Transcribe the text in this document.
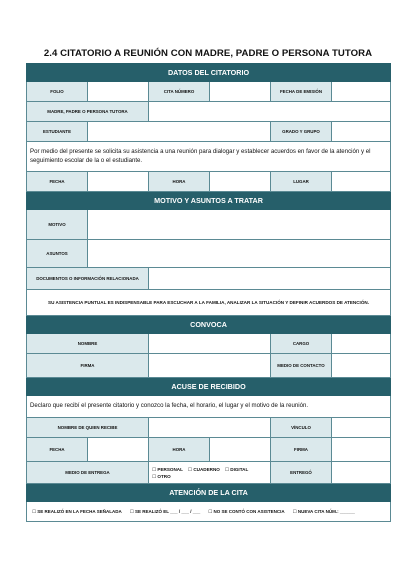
2.4 CITATORIO A REUNIÓN CON MADRE, PADRE O PERSONA TUTORA
DATOS DEL CITATORIO					
FOLIO		CITA NÚMERO		FECHA DE EMISIÓN	
MADRE, PADRE O PERSONA TUTORA					
ESTUDIANTE				GRADO Y GRUPO	
Por medio del presente se solicita su asistencia a una reunión para dialogar y establecer acuerdos en favor de la atención y el seguimiento escolar de la o el estudiante.					
FECHA		HORA		LUGAR	
MOTIVO Y ASUNTOS A TRATAR					
MOTIVO					
ASUNTOS					
DOCUMENTOS O INFORMACIÓN RELACIONADA					
SU ASISTENCIA PUNTUAL ES INDISPENSABLE PARA ESCUCHAR A LA FAMILIA, ANALIZAR LA SITUACIÓN Y DEFINIR ACUERDOS DE ATENCIÓN.					
CONVOCA					
NOMBRE				CARGO	
FIRMA				MEDIO DE CONTACTO	
ACUSE DE RECIBIDO					
Declaro que recibí el presente citatorio y conozco la fecha, el horario, el lugar y el motivo de la reunión.					
NOMBRE DE QUIEN RECIBE				VÍNCULO	
FECHA		HORA		FIRMA	
MEDIO DE ENTREGA		☐ PERSONAL ☐ CUADERNO ☐ DIGITAL
☐ OTRO		ENTREGÓ	
ATENCIÓN DE LA CITA					
☐ SE REALIZÓ EN LA FECHA SEÑALADA ☐ SE REALIZÓ EL ___ / ___ / ___ ☐ NO SE CONTÓ CON ASISTENCIA ☐ NUEVA CITA NÚM.: ______					
